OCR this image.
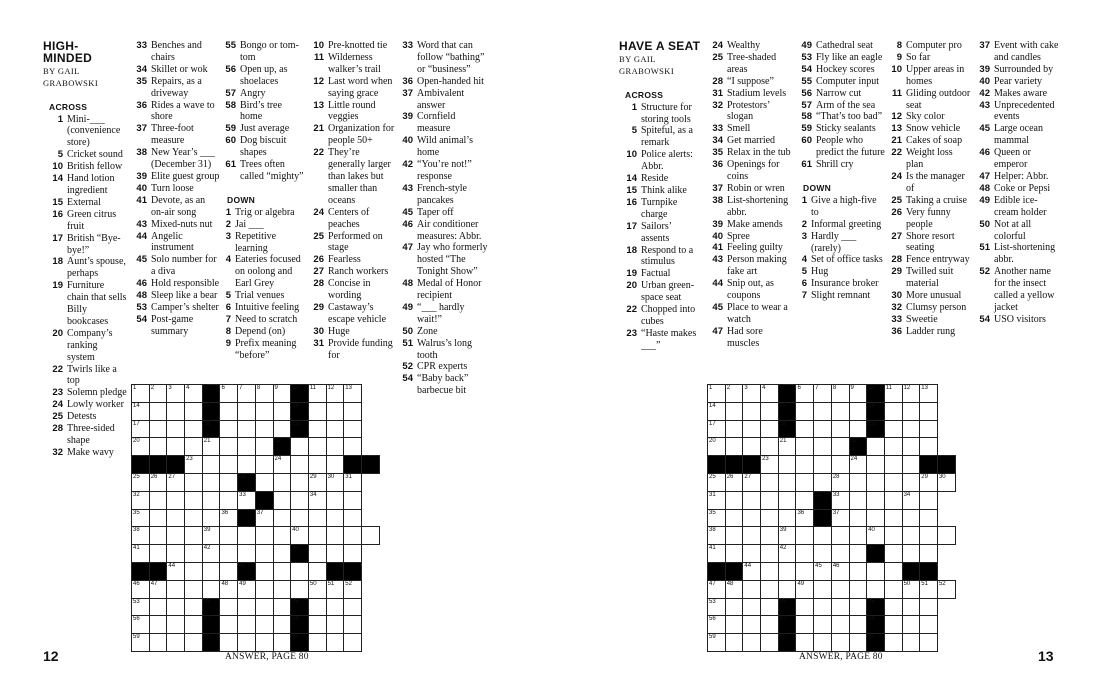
HIGH-MINDED
BY GAIL GRABOWSKI
ACROSS
1 Mini-___ (convenience store)
5 Cricket sound
10 British fellow
14 Hand lotion ingredient
15 External
16 Green citrus fruit
17 British “Bye-bye!”
18 Aunt’s spouse, perhaps
19 Furniture chain that sells Billy bookcases
20 Company’s ranking system
22 Twirls like a top
23 Solemn pledge
24 Lowly worker
25 Detests
28 Three-sided shape
32 Make wavy
33 Benches and chairs
34 Skillet or wok
35 Repairs, as a driveway
36 Rides a wave to shore
37 Three-foot measure
38 New Year’s ___ (December 31)
39 Elite guest group
40 Turn loose
41 Devote, as an on-air song
43 Mixed-nuts nut
44 Angelic instrument
45 Solo number for a diva
46 Hold responsible
48 Sleep like a bear
53 Camper’s shelter
54 Post-game summary
55 Bongo or tom-tom
56 Open up, as shoelaces
57 Angry
58 Bird’s tree home
59 Just average
60 Dog biscuit shapes
61 Trees often called “mighty”
DOWN
1 Trig or algebra
2 Jai ___
3 Repetitive learning
4 Eateries focused on oolong and Earl Grey
5 Trial venues
6 Intuitive feeling
7 Need to scratch
8 Depend (on)
9 Prefix meaning “before”
10 Pre-knotted tie
11 Wilderness walker’s trail
12 Last word when saying grace
13 Little round veggies
21 Organization for people 50+
22 They’re generally larger than lakes but smaller than oceans
24 Centers of peaches
25 Performed on stage
26 Fearless
27 Ranch workers
28 Concise in wording
29 Castaway’s escape vehicle
30 Huge
31 Provide funding for
33 Word that can follow “bathing” or “business”
36 Open-handed hit
37 Ambivalent answer
39 Cornfield measure
40 Wild animal’s home
42 “You’re not!” response
43 French-style pancakes
45 Taper off
46 Air conditioner measures: Abbr.
47 Jay who formerly hosted “The Tonight Show”
48 Medal of Honor recipient
49 “___ hardly wait!”
50 Zone
51 Walrus’s long tooth
52 CPR experts
54 “Baby back” barbecue bit
1	2	3	4	5	6	7	8	9	10	11	12	13	

14				15					16				

17				18					19				

20				21				22					

			23					24					

25	26	27				28				29	30	31	

32						33				34			

35					36		37						

38				39					40				

41				42					43				

		44				45							

46	47				48	49				50	51	52	

53				54					55				

56				57					58				

59				60					61				

ANSWER, PAGE 80
12
HAVE A SEAT
BY GAIL GRABOWSKI
ACROSS
1 Structure for storing tools
5 Spiteful, as a remark
10 Police alerts: Abbr.
14 Reside
15 Think alike
16 Turnpike charge
17 Sailors’ assents
18 Respond to a stimulus
19 Factual
20 Urban green-space seat
22 Chopped into cubes
23 “Haste makes ___”
24 Wealthy
25 Tree-shaded areas
28 “I suppose”
31 Stadium levels
32 Protestors’ slogan
33 Smell
34 Get married
35 Relax in the tub
36 Openings for coins
37 Robin or wren
38 List-shortening abbr.
39 Make amends
40 Spree
41 Feeling guilty
43 Person making fake art
44 Snip out, as coupons
45 Place to wear a watch
47 Had sore muscles
49 Cathedral seat
53 Fly like an eagle
54 Hockey scores
55 Computer input
56 Narrow cut
57 Arm of the sea
58 “That’s too bad”
59 Sticky sealants
60 People who predict the future
61 Shrill cry
DOWN
1 Give a high-five to
2 Informal greeting
3 Hardly ___ (rarely)
4 Set of office tasks
5 Hug
6 Insurance broker
7 Slight remnant
8 Computer pro
9 So far
10 Upper areas in homes
11 Gliding outdoor seat
12 Sky color
13 Snow vehicle
21 Cakes of soap
22 Weight loss plan
24 Is the manager of
25 Taking a cruise
26 Very funny people
27 Shore resort seating
28 Fence entryway
29 Twilled suit material
30 More unusual
32 Clumsy person
33 Sweetie
36 Ladder rung
37 Event with cake and candles
39 Surrounded by
40 Pear variety
42 Makes aware
43 Unprecedented events
45 Large ocean mammal
46 Queen or emperor
47 Helper: Abbr.
48 Coke or Pepsi
49 Edible ice-cream holder
50 Not at all colorful
51 List-shortening abbr.
52 Another name for the insect called a yellow jacket
54 USO visitors
1	2	3	4	5	6	7	8	9	10	11	12	13	

14				15					16				

17				18					19				

20				21				22					

			23					24					

25	26	27					28					29	30

31						32	33				34		

35					36		37						

38				39					40				

41				42					43				

		44				45	46						

47	48				49						50	51	52

53				54					55				

56				57					58				

59				60					61				

ANSWER, PAGE 80	13
